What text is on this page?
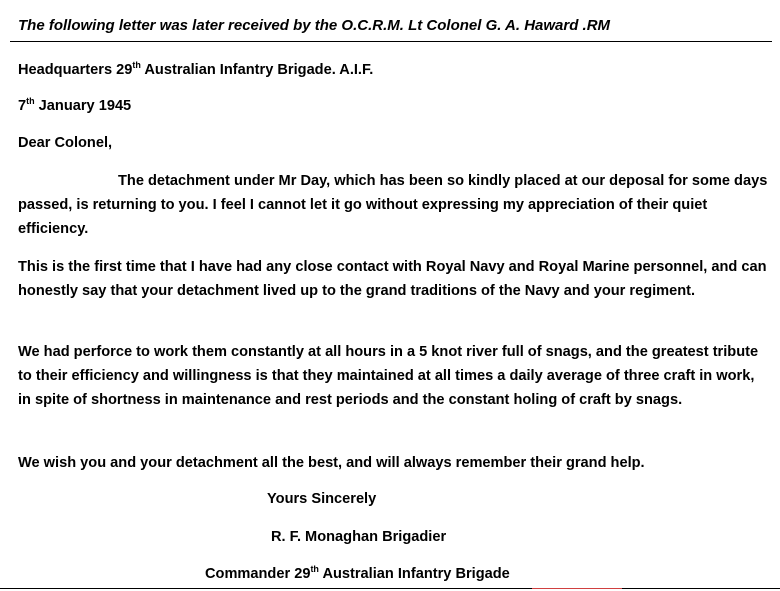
The following letter was later received by the O.C.R.M. Lt Colonel G. A. Haward .RM
Headquarters 29th Australian Infantry Brigade. A.I.F.
7th January 1945
Dear Colonel,
The detachment under Mr Day, which has been so kindly placed at our deposal for some days passed, is returning to you. I feel I cannot let it go without expressing my appreciation of their quiet efficiency.
This is the first time that I have had any close contact with Royal Navy and Royal Marine personnel, and can honestly say that your detachment lived up to the grand traditions of the Navy and your regiment.
We had perforce to work them constantly at all hours in a 5 knot river full of snags, and the greatest tribute to their efficiency and willingness is that they maintained at all times a daily average of three craft in work, in spite of shortness in maintenance and rest periods and the constant holing of craft by snags.
We wish you and your detachment all the best, and will always remember their grand help.
Yours Sincerely
R. F. Monaghan Brigadier
Commander 29th Australian Infantry Brigade
